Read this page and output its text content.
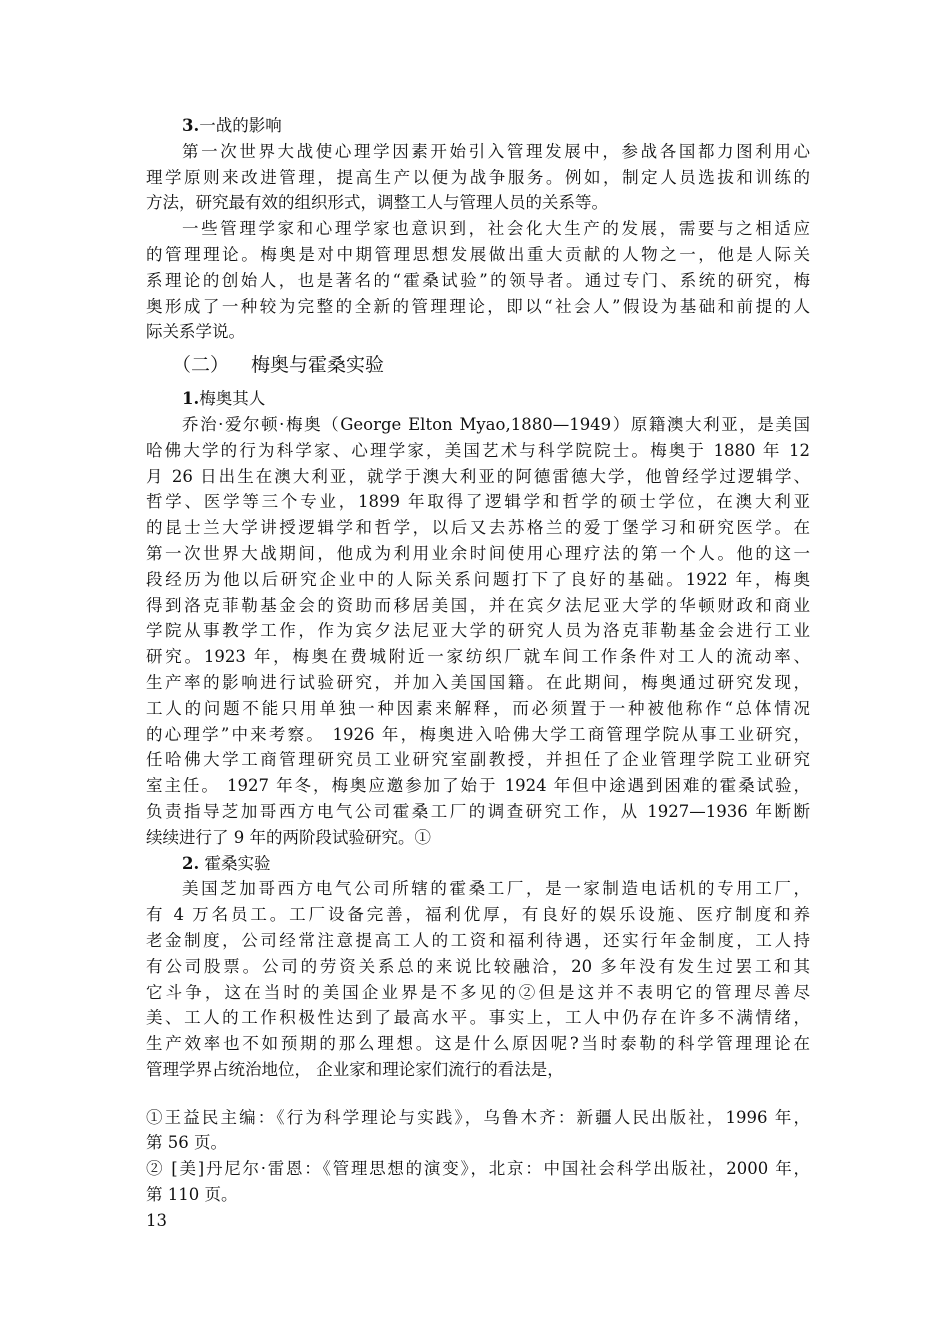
3.一战的影响
第一次世界大战使心理学因素开始引入管理发展中，参战各国都力图利用心
理学原则来改进管理，提高生产以便为战争服务。例如，制定人员选拔和训练的
方法，研究最有效的组织形式，调整工人与管理人员的关系等。
一些管理学家和心理学家也意识到，社会化大生产的发展，需要与之相适应
的管理理论。梅奥是对中期管理思想发展做出重大贡献的人物之一，他是人际关
系理论的创始人，也是著名的“霍桑试验”的领导者。通过专门、系统的研究，梅
奥形成了一种较为完整的全新的管理理论，即以“社会人”假设为基础和前提的人
际关系学说。
（二） 梅奥与霍桑实验
1.梅奥其人
乔治·爱尔顿·梅奥（George Elton Myao,1880—1949）原籍澳大利亚，是美国
哈佛大学的行为科学家、心理学家，美国艺术与科学院院士。梅奥于 1880 年 12
月 26 日出生在澳大利亚，就学于澳大利亚的阿德雷德大学，他曾经学过逻辑学、
哲学、医学等三个专业，1899 年取得了逻辑学和哲学的硕士学位，在澳大利亚
的昆士兰大学讲授逻辑学和哲学，以后又去苏格兰的爱丁堡学习和研究医学。在
第一次世界大战期间，他成为利用业余时间使用心理疗法的第一个人。他的这一
段经历为他以后研究企业中的人际关系问题打下了良好的基础。1922 年，梅奥
得到洛克菲勒基金会的资助而移居美国，并在宾夕法尼亚大学的华顿财政和商业
学院从事教学工作，作为宾夕法尼亚大学的研究人员为洛克菲勒基金会进行工业
研究。1923 年，梅奥在费城附近一家纺织厂就车间工作条件对工人的流动率、
生产率的影响进行试验研究，并加入美国国籍。在此期间，梅奥通过研究发现，
工人的问题不能只用单独一种因素来解释，而必须置于一种被他称作“总体情况
的心理学”中来考察。 1926 年，梅奥进入哈佛大学工商管理学院从事工业研究，
任哈佛大学工商管理研究员工业研究室副教授，并担任了企业管理学院工业研究
室主任。 1927 年冬，梅奥应邀参加了始于 1924 年但中途遇到困难的霍桑试验，
负责指导芝加哥西方电气公司霍桑工厂的调查研究工作，从 1927—1936 年断断
续续进行了 9 年的两阶段试验研究。①
2. 霍桑实验
美国芝加哥西方电气公司所辖的霍桑工厂，是一家制造电话机的专用工厂，
有 4 万名员工。工厂设备完善，福利优厚，有良好的娱乐设施、医疗制度和养
老金制度，公司经常注意提高工人的工资和福利待遇，还实行年金制度，工人持
有公司股票。公司的劳资关系总的来说比较融洽，20 多年没有发生过罢工和其
它斗争，这在当时的美国企业界是不多见的②但是这并不表明它的管理尽善尽
美、工人的工作积极性达到了最高水平。事实上，工人中仍存在许多不满情绪，
生产效率也不如预期的那么理想。这是什么原因呢?当时泰勒的科学管理理论在
管理学界占统治地位， 企业家和理论家们流行的看法是，
①王益民主编：《行为科学理论与实践》，乌鲁木齐：新疆人民出版社，1996 年，
第 56 页。
② [美]丹尼尔·雷恩：《管理思想的演变》，北京：中国社会科学出版社，2000 年，
第 110 页。
13
